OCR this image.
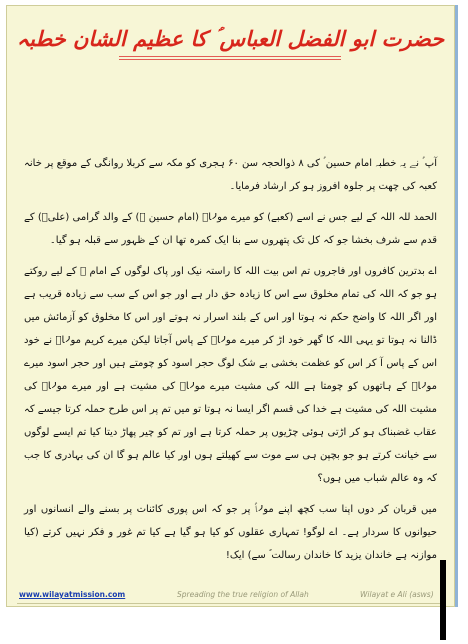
حضرت ابو الفضل العباس ؑ کا عظیم الشان خطبہ

آپ ؑ نے یہ خطبہ امام حسین ؑ کی ۸ ذوالحجہ سن ۶۰ ہجری کو مکہ سے کربلا روانگی کے موقع پر خانہ کعبہ کی چھت پر جلوہ افروز ہو کر ارشاد فرمایا۔

الحمد للہ اللہ کے لیے جس نے اسے (کعبے) کو میرے مولاؑ (امام حسین ؑ) کے والد گرامی (علیؑ) کے قدم سے شرف بخشا جو کہ کل تک پتھروں سے بنا ایک کمرہ تھا ان کے ظہور سے قبلہ ہو گیا۔

اے بدترین کافروں اور فاجروں تم اس بیت اللہ کا راستہ نیک اور پاک لوگوں کے امام ؑ کے لیے روکتے ہو جو کہ اللہ کی تمام مخلوق سے اس کا زیادہ حق دار ہے اور جو اس کے سب سے زیادہ قریب ہے اور اگر اللہ کا واضح حکم نہ ہوتا اور اس کے بلند اسرار نہ ہوتے اور اس کا مخلوق کو آزمائش میں ڈالنا نہ ہوتا تو یہی اللہ کا گھر خود اڑ کر میرے مولاؑ کے پاس آجاتا لیکن میرے کریم مولاؑ نے خود اس کے پاس آ کر اس کو عظمت بخشی بے شک لوگ حجر اسود کو چومتے ہیں اور حجر اسود میرے مولاؑ کے ہاتھوں کو چومتا ہے اللہ کی مشیت میرے مولاؑ کی مشیت ہے اور میرے مولاؑ کی مشیت اللہ کی مشیت ہے خدا کی قسم اگر ایسا نہ ہوتا تو میں تم پر اس طرح حملہ کرتا جیسے کہ عقاب غضبناک ہو کر اڑتی ہوئی چڑیوں پر حملہ کرتا ہے اور تم کو چیر پھاڑ دیتا کیا تم ایسے لوگوں سے خیانت کرتے ہو جو بچپن ہی سے موت سے کھیلتے ہوں اور کیا عالم ہو گا ان کی بہادری کا جب کہ وہ عالم شباب میں ہوں؟

میں قربان کر دوں اپنا سب کچھ اپنے مولاؑ پر جو کہ اس پوری کائنات پر بسنے والے انسانوں اور حیوانوں کا سردار ہے۔ اے لوگو! تمہاری عقلوں کو کیا ہو گیا ہے کیا تم غور و فکر نہیں کرتے (کیا موازنہ ہے خاندان یزید کا خاندان رسالت ؐ سے) ایک!

www.wilayatmission.com	Spreading the true religion of Allah	Wilayat e Ali (asws)
